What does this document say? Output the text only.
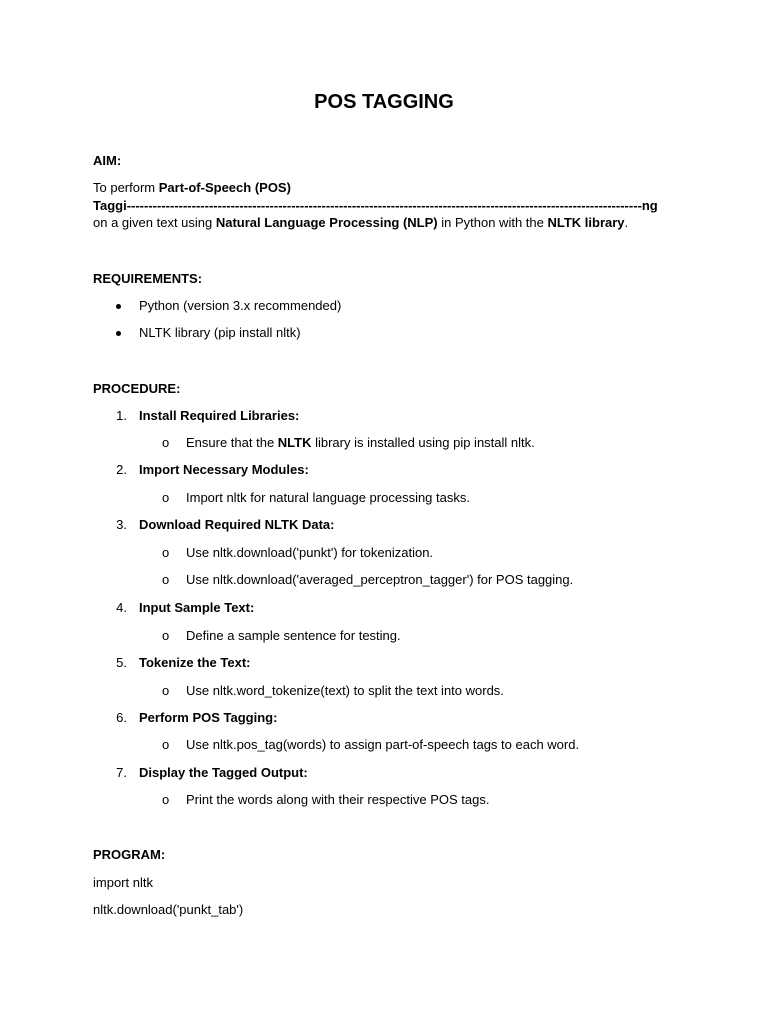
POS TAGGING
AIM:
To perform Part-of-Speech (POS)
Taggi-----------------------------------------------------------------------------------------------------------------------ng
on a given text using Natural Language Processing (NLP) in Python with the NLTK library.
REQUIREMENTS:
Python (version 3.x recommended)
NLTK library (pip install nltk)
PROCEDURE:
1. Install Required Libraries:
o Ensure that the NLTK library is installed using pip install nltk.
2. Import Necessary Modules:
o Import nltk for natural language processing tasks.
3. Download Required NLTK Data:
o Use nltk.download('punkt') for tokenization.
o Use nltk.download('averaged_perceptron_tagger') for POS tagging.
4. Input Sample Text:
o Define a sample sentence for testing.
5. Tokenize the Text:
o Use nltk.word_tokenize(text) to split the text into words.
6. Perform POS Tagging:
o Use nltk.pos_tag(words) to assign part-of-speech tags to each word.
7. Display the Tagged Output:
o Print the words along with their respective POS tags.
PROGRAM:
import nltk
nltk.download('punkt_tab')
